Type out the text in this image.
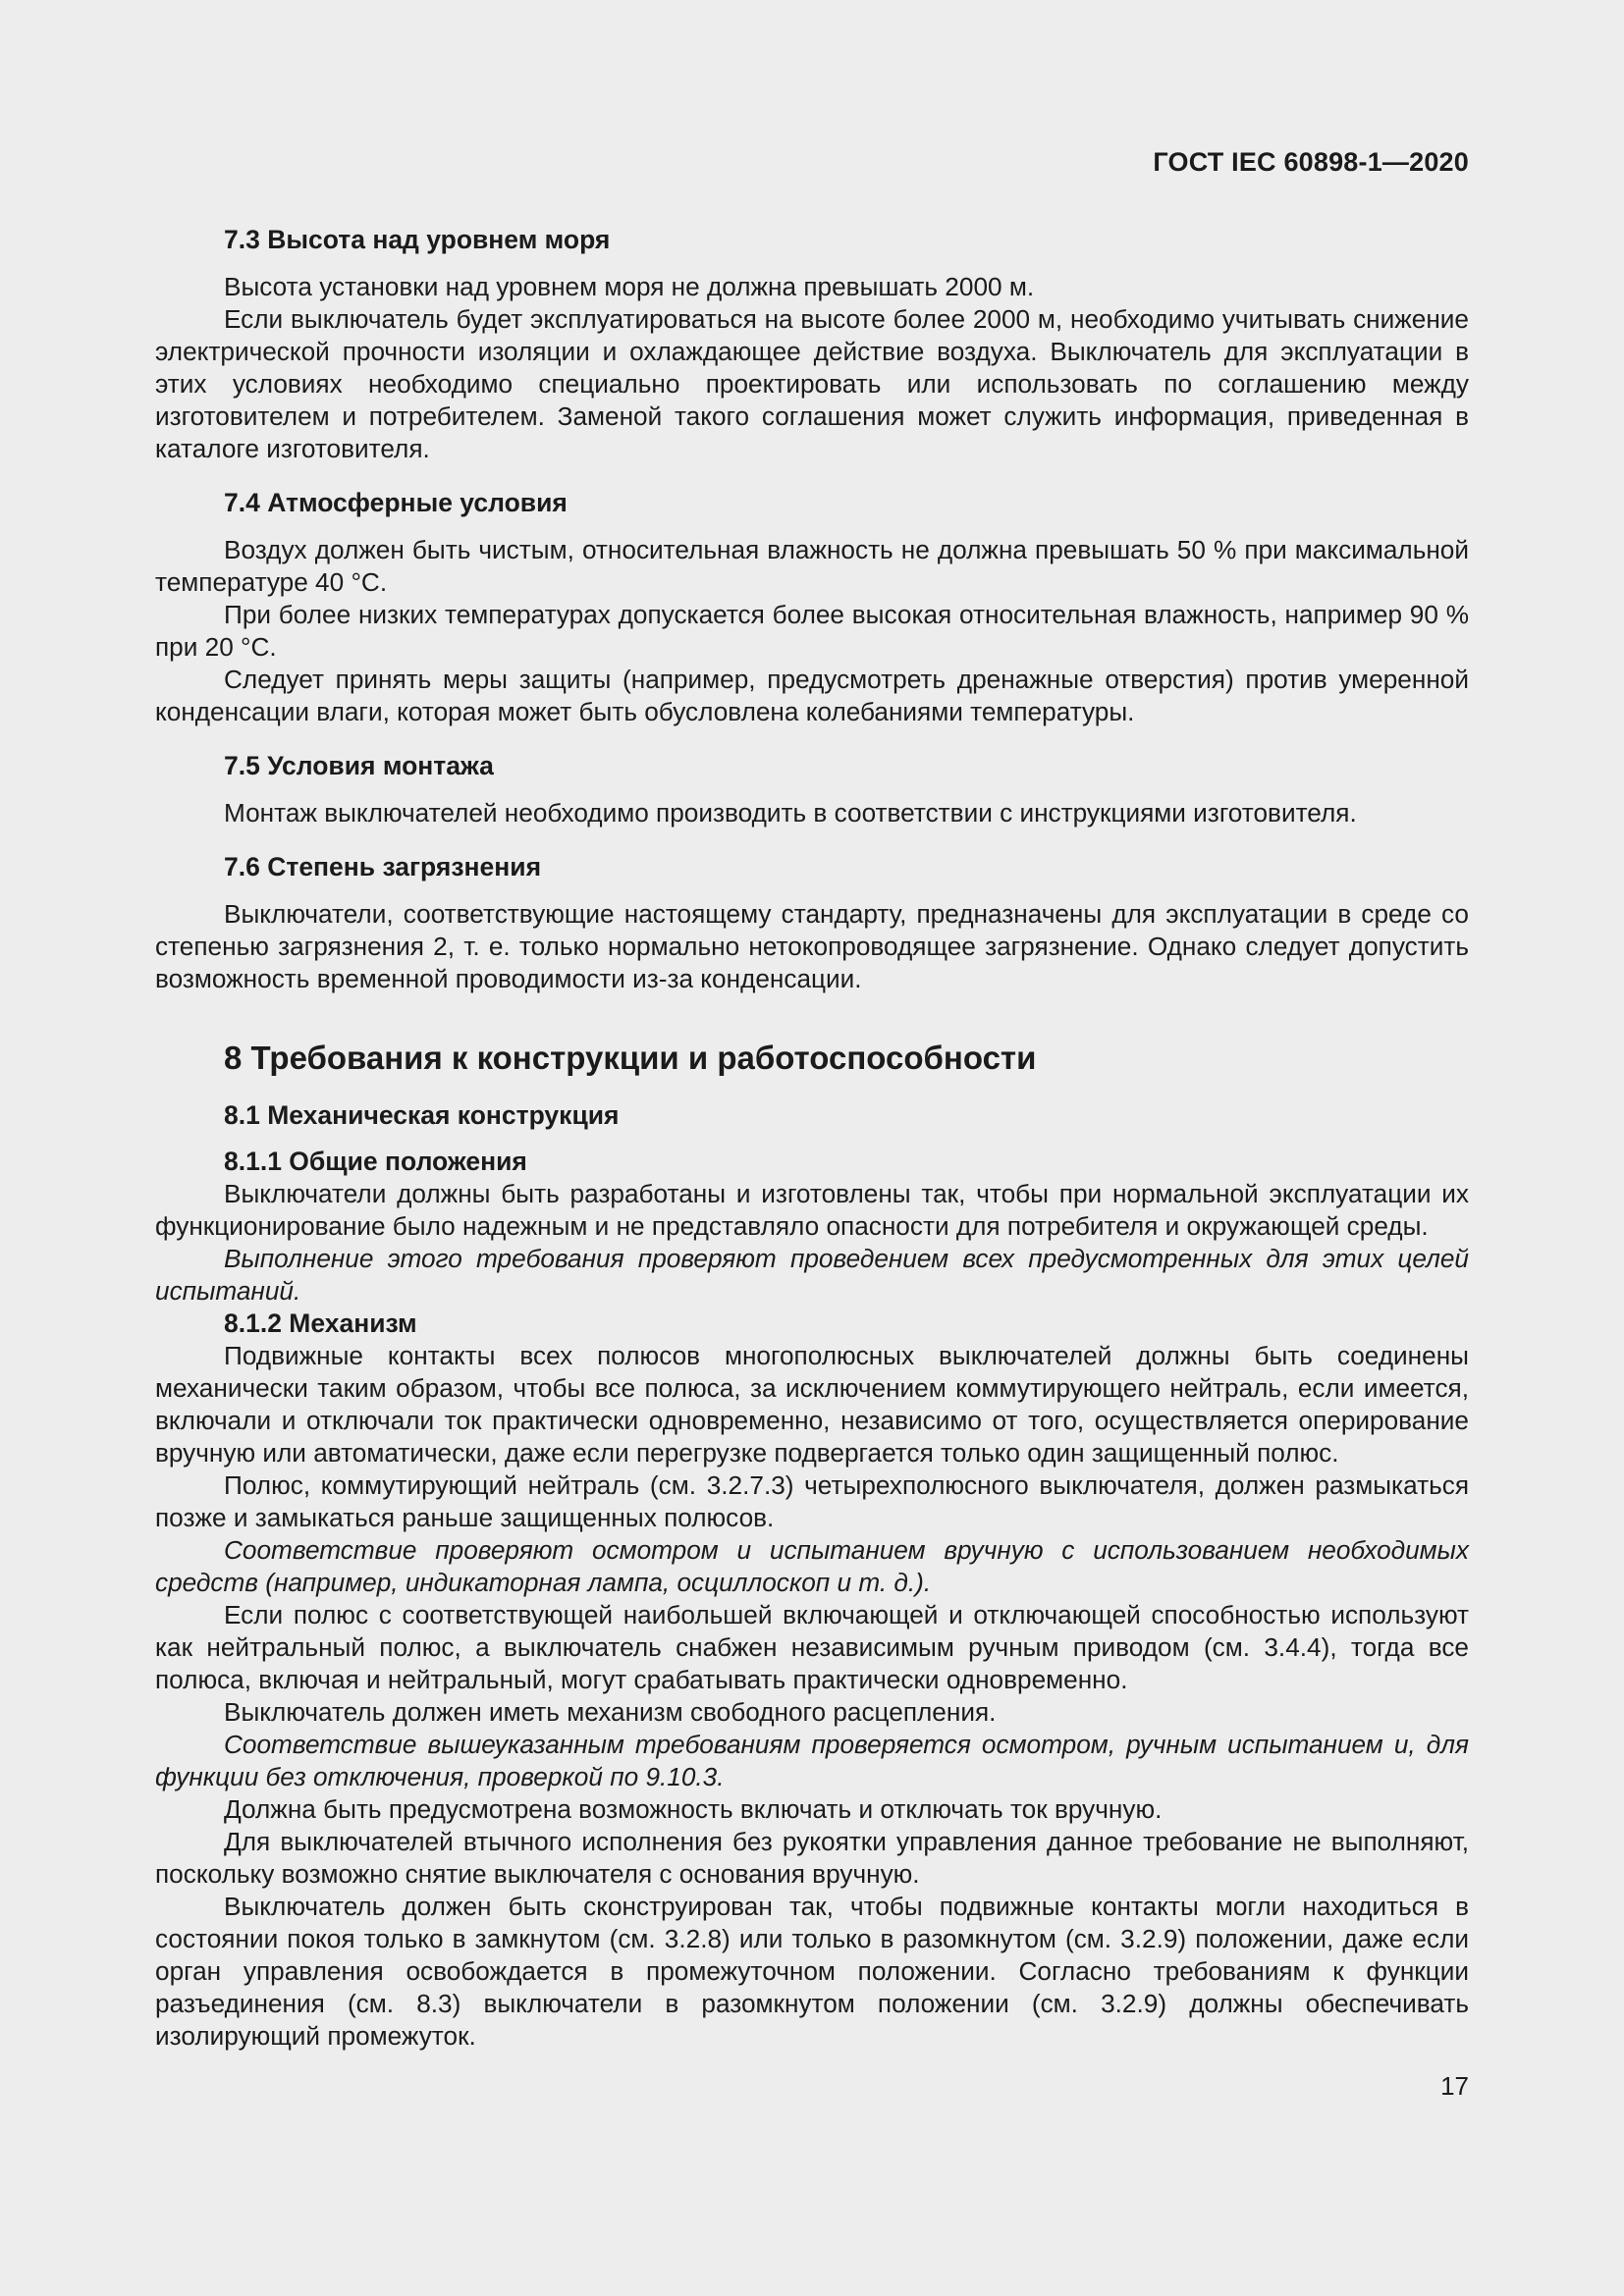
ГОСТ IEC 60898-1—2020
7.3 Высота над уровнем моря

Высота установки над уровнем моря не должна превышать 2000 м.

Если выключатель будет эксплуатироваться на высоте более 2000 м, необходимо учитывать снижение электрической прочности изоляции и охлаждающее действие воздуха. Выключатель для эксплуатации в этих условиях необходимо специально проектировать или использовать по соглашению между изготовителем и потребителем. Заменой такого соглашения может служить информация, приведенная в каталоге изготовителя.

7.4 Атмосферные условия

Воздух должен быть чистым, относительная влажность не должна превышать 50 % при максимальной температуре 40 °С.

При более низких температурах допускается более высокая относительная влажность, например 90 % при 20 °С.

Следует принять меры защиты (например, предусмотреть дренажные отверстия) против умеренной конденсации влаги, которая может быть обусловлена колебаниями температуры.

7.5 Условия монтажа

Монтаж выключателей необходимо производить в соответствии с инструкциями изготовителя.

7.6 Степень загрязнения

Выключатели, соответствующие настоящему стандарту, предназначены для эксплуатации в среде со степенью загрязнения 2, т. е. только нормально нетокопроводящее загрязнение. Однако следует допустить возможность временной проводимости из-за конденсации.

8 Требования к конструкции и работоспособности
8.1 Механическая конструкция
8.1.1 Общие положения

Выключатели должны быть разработаны и изготовлены так, чтобы при нормальной эксплуатации их функционирование было надежным и не представляло опасности для потребителя и окружающей среды.

Выполнение этого требования проверяют проведением всех предусмотренных для этих целей испытаний.

8.1.2 Механизм

Подвижные контакты всех полюсов многополюсных выключателей должны быть соединены механически таким образом, чтобы все полюса, за исключением коммутирующего нейтраль, если имеется, включали и отключали ток практически одновременно, независимо от того, осуществляется оперирование вручную или автоматически, даже если перегрузке подвергается только один защищенный полюс.

Полюс, коммутирующий нейтраль (см. 3.2.7.3) четырехполюсного выключателя, должен размыкаться позже и замыкаться раньше защищенных полюсов.

Соответствие проверяют осмотром и испытанием вручную с использованием необходимых средств (например, индикаторная лампа, осциллоскоп и т. д.).

Если полюс с соответствующей наибольшей включающей и отключающей способностью используют как нейтральный полюс, а выключатель снабжен независимым ручным приводом (см. 3.4.4), тогда все полюса, включая и нейтральный, могут срабатывать практически одновременно.

Выключатель должен иметь механизм свободного расцепления.

Соответствие вышеуказанным требованиям проверяется осмотром, ручным испытанием и, для функции без отключения, проверкой по 9.10.3.

Должна быть предусмотрена возможность включать и отключать ток вручную.

Для выключателей втычного исполнения без рукоятки управления данное требование не выполняют, поскольку возможно снятие выключателя с основания вручную.

Выключатель должен быть сконструирован так, чтобы подвижные контакты могли находиться в состоянии покоя только в замкнутом (см. 3.2.8) или только в разомкнутом (см. 3.2.9) положении, даже если орган управления освобождается в промежуточном положении. Согласно требованиям к функции разъединения (см. 8.3) выключатели в разомкнутом положении (см. 3.2.9) должны обеспечивать изолирующий промежуток.

17
